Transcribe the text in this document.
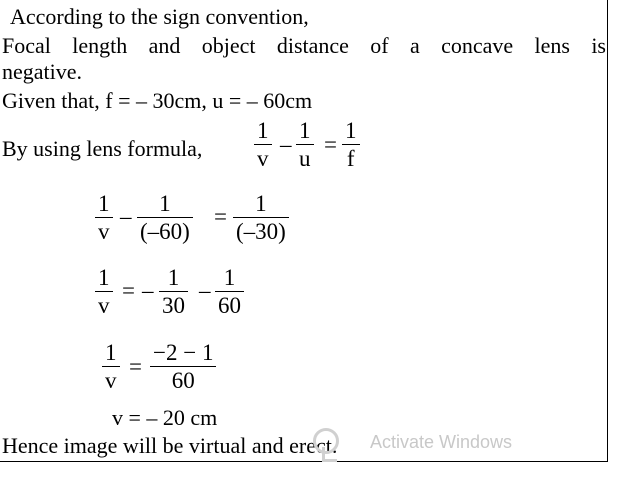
According to the sign convention,
Focal length and object distance of a concave lens is
negative.
Given that, f = – 30cm, u = – 60cm
By using lens formula,
1
v
–
1
u
=
1
f
1
v
–
1
(–60)
=
1
(–30)
1
v
= –
1
30
–
1
60
1
v
=
−2 − 1
60
v = – 20 cm
Hence image will be virtual and erect. Activate Windows
